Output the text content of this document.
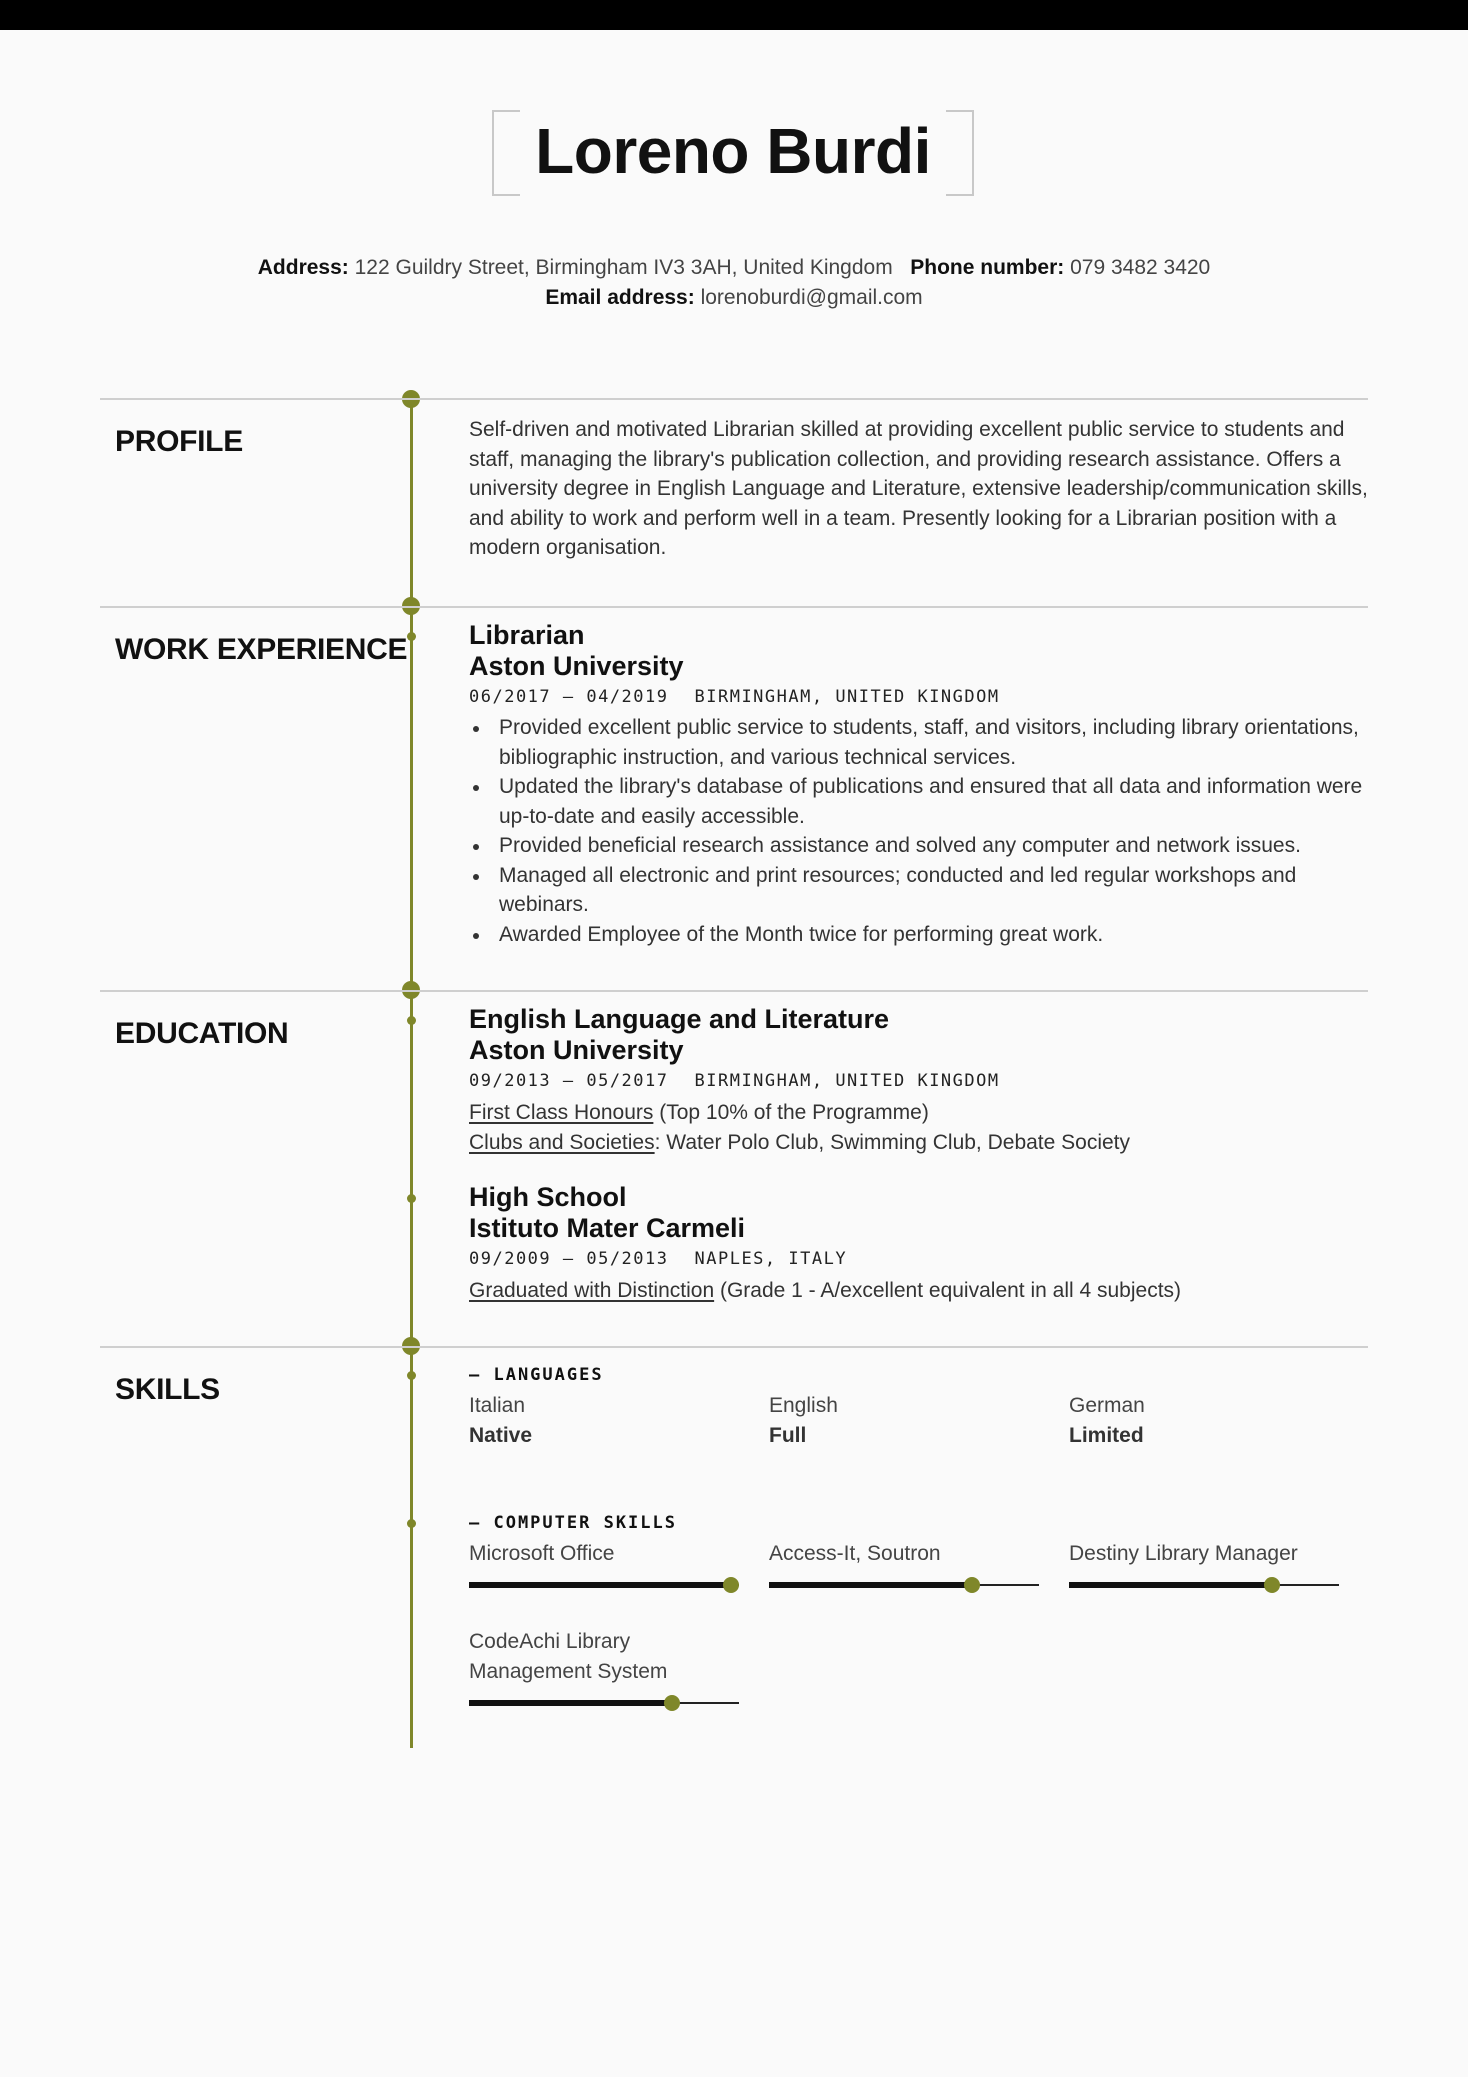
Loreno Burdi
Address: 122 Guildry Street, Birmingham IV3 3AH, United Kingdom Phone number: 079 3482 3420
Email address: lorenoburdi@gmail.com
PROFILE	Self-driven and motivated Librarian skilled at providing excellent public service to students and staff, managing the library's publication collection, and providing research assistance. Offers a university degree in English Language and Literature, extensive leadership/communication skills, and ability to work and perform well in a team. Presently looking for a Librarian position with a modern organisation.
WORK EXPERIENCE Librarian
Aston University
06/2017 – 04/2019 BIRMINGHAM, UNITED KINGDOM
Provided excellent public service to students, staff, and visitors, including library orientations, bibliographic instruction, and various technical services.
Updated the library's database of publications and ensured that all data and information were up-to-date and easily accessible.
Provided beneficial research assistance and solved any computer and network issues.
Managed all electronic and print resources; conducted and led regular workshops and webinars.
Awarded Employee of the Month twice for performing great work.
EDUCATION	English Language and Literature
Aston University
09/2013 – 05/2017 BIRMINGHAM, UNITED KINGDOM
First Class Honours (Top 10% of the Programme)
Clubs and Societies: Water Polo Club, Swimming Club, Debate Society
High School
Istituto Mater Carmeli
09/2009 – 05/2013 NAPLES, ITALY
Graduated with Distinction (Grade 1 - A/excellent equivalent in all 4 subjects)
SKILLS	– LANGUAGES
Italian
Native
English
Full
German
Limited
– COMPUTER SKILLS
Microsoft Office	Access-It, Soutron	Destiny Library Manager
CodeAchi Library Management System
